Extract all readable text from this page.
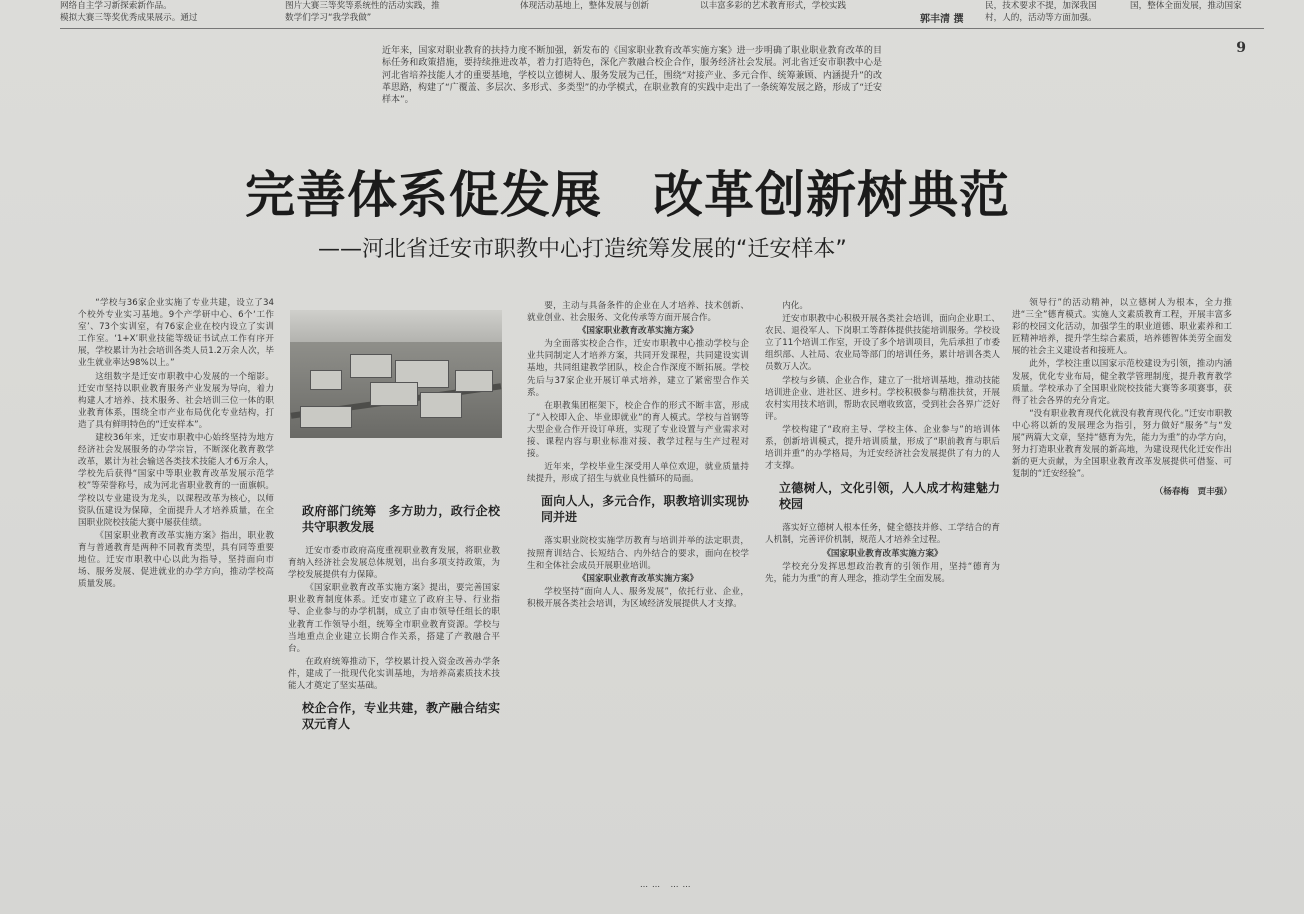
网络自主学习新探索新作品。
模拟大赛三等奖优秀成果展示。通过
图片大赛三等奖等系统性的活动实践，推
数学们学习“我学我做”
体现活动基地上，整体发展与创新	以丰富多彩的艺术教育形式，学校实践
郭丰清 撰
民，技术要求不提，加深我国
村，人的，活动等方面加强。
国，整体全面发展，推动国家
9
近年来，国家对职业教育的扶持力度不断加强，新发布的《国家职业教育改革实施方案》进一步明确了职业职业教育改革的目标任务和政策措施，要持续推进改革，着力打造特色，深化产教融合校企合作，服务经济社会发展。河北省迁安市职教中心是河北省培养技能人才的重要基地，学校以立德树人、服务发展为己任，围绕“对接产业、多元合作、统筹兼顾、内涵提升”的改革思路，构建了“广覆盖、多层次、多形式、多类型”的办学模式，在职业教育的实践中走出了一条统筹发展之路，形成了“迁安样本”。
完善体系促发展　改革创新树典范
——河北省迁安市职教中心打造统筹发展的“迁安样本”

“学校与36家企业实施了专业共建，设立了34个校外专业实习基地。9个产学研中心、6个‘工作室’、73个实训室，有76家企业在校内设立了实训工作室。‘1+X’职业技能等级证书试点工作有序开展，学校累计为社会培训各类人员1.2万余人次，毕业生就业率达98%以上。”

这组数字是迁安市职教中心发展的一个缩影。迁安市坚持以职业教育服务产业发展为导向，着力构建人才培养、技术服务、社会培训三位一体的职业教育体系，围绕全市产业布局优化专业结构，打造了具有鲜明特色的“迁安样本”。

建校36年来，迁安市职教中心始终坚持为地方经济社会发展服务的办学宗旨，不断深化教育教学改革，累计为社会输送各类技术技能人才6万余人，学校先后获得“国家中等职业教育改革发展示范学校”等荣誉称号，成为河北省职业教育的一面旗帜。学校以专业建设为龙头，以课程改革为核心，以师资队伍建设为保障，全面提升人才培养质量，在全国职业院校技能大赛中屡获佳绩。

《国家职业教育改革实施方案》指出，职业教育与普通教育是两种不同教育类型，具有同等重要地位。迁安市职教中心以此为指导，坚持面向市场、服务发展、促进就业的办学方向，推动学校高质量发展。

政府部门统筹　多方助力，政行企校共守职教发展

迁安市委市政府高度重视职业教育发展，将职业教育纳入经济社会发展总体规划，出台多项支持政策，为学校发展提供有力保障。

《国家职业教育改革实施方案》提出，要完善国家职业教育制度体系。迁安市建立了政府主导、行业指导、企业参与的办学机制，成立了由市领导任组长的职业教育工作领导小组，统筹全市职业教育资源。学校与当地重点企业建立长期合作关系，搭建了产教融合平台。

在政府统筹推动下，学校累计投入资金改善办学条件，建成了一批现代化实训基地，为培养高素质技术技能人才奠定了坚实基础。

校企合作，专业共建，教产融合结实双元育人

要，主动与具备条件的企业在人才培养、技术创新、就业创业、社会服务、文化传承等方面开展合作。

《国家职业教育改革实施方案》

为全面落实校企合作，迁安市职教中心推动学校与企业共同制定人才培养方案，共同开发课程，共同建设实训基地，共同组建教学团队，校企合作深度不断拓展。学校先后与37家企业开展订单式培养，建立了紧密型合作关系。

在职教集团框架下，校企合作的形式不断丰富，形成了“入校即入企、毕业即就业”的育人模式。学校与首钢等大型企业合作开设订单班，实现了专业设置与产业需求对接、课程内容与职业标准对接、教学过程与生产过程对接。

近年来，学校毕业生深受用人单位欢迎，就业质量持续提升，形成了招生与就业良性循环的局面。

面向人人，多元合作，职教培训实现协同并进

落实职业院校实施学历教育与培训并举的法定职责，按照育训结合、长短结合、内外结合的要求，面向在校学生和全体社会成员开展职业培训。

《国家职业教育改革实施方案》

学校坚持“面向人人、服务发展”，依托行业、企业，积极开展各类社会培训，为区域经济发展提供人才支撑。

内化。

迁安市职教中心积极开展各类社会培训，面向企业职工、农民、退役军人、下岗职工等群体提供技能培训服务。学校设立了11个培训工作室，开设了多个培训项目，先后承担了市委组织部、人社局、农业局等部门的培训任务，累计培训各类人员数万人次。

学校与乡镇、企业合作，建立了一批培训基地，推动技能培训进企业、进社区、进乡村。学校积极参与精准扶贫，开展农村实用技术培训，帮助农民增收致富，受到社会各界广泛好评。

学校构建了“政府主导、学校主体、企业参与”的培训体系，创新培训模式，提升培训质量，形成了“职前教育与职后培训并重”的办学格局，为迁安经济社会发展提供了有力的人才支撑。

立德树人，文化引领，人人成才构建魅力校园

落实好立德树人根本任务，健全德技并修、工学结合的育人机制，完善评价机制，规范人才培养全过程。

《国家职业教育改革实施方案》

学校充分发挥思想政治教育的引领作用，坚持“德育为先，能力为重”的育人理念，推动学生全面发展。

领导行”的活动精神，以立德树人为根本，全力推进“三全”德育模式。实施人文素质教育工程，开展丰富多彩的校园文化活动，加强学生的职业道德、职业素养和工匠精神培养，提升学生综合素质，培养德智体美劳全面发展的社会主义建设者和接班人。

此外，学校注重以国家示范校建设为引领，推动内涵发展，优化专业布局，健全教学管理制度，提升教育教学质量。学校承办了全国职业院校技能大赛等多项赛事，获得了社会各界的充分肯定。

“没有职业教育现代化就没有教育现代化。”迁安市职教中心将以新的发展理念为指引，努力做好“服务”与“发展”两篇大文章，坚持“德育为先，能力为重”的办学方向，努力打造职业教育发展的新高地，为建设现代化迁安作出新的更大贡献，为全国职业教育改革发展提供可借鉴、可复制的“迁安经验”。

（杨春梅　贾丰强）
…… ……
